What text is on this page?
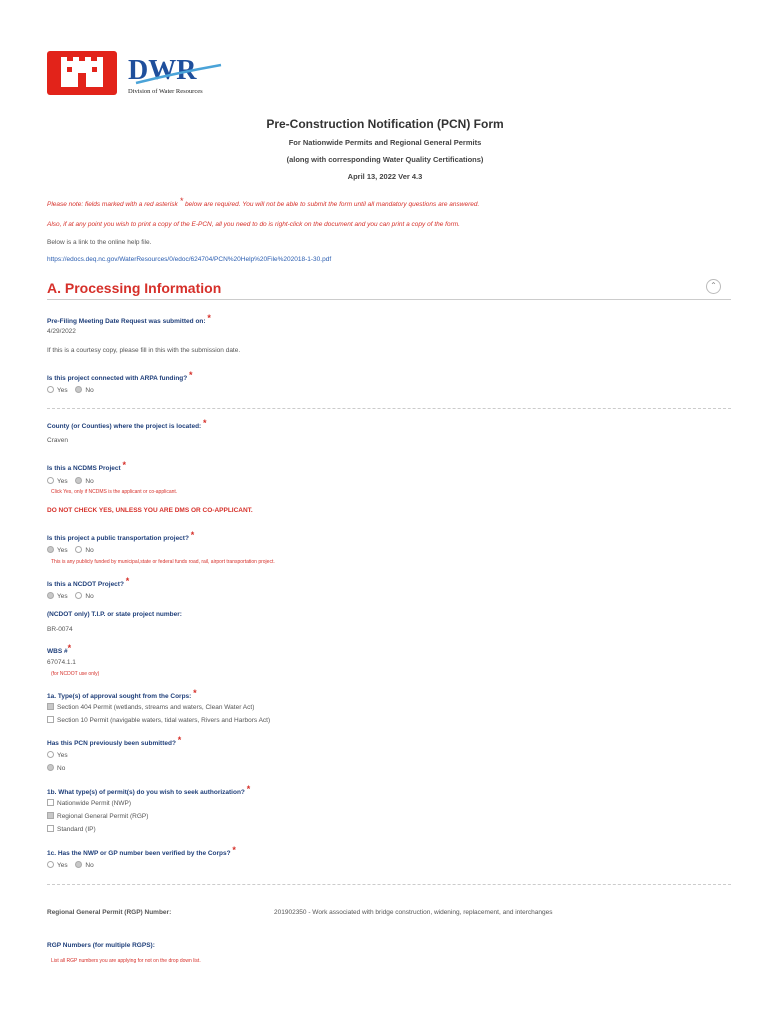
DWR
Division of Water Resources
Pre-Construction Notification (PCN) Form
For Nationwide Permits and Regional General Permits
(along with corresponding Water Quality Certifications)
April 13, 2022 Ver 4.3
Please note: fields marked with a red asterisk * below are required. You will not be able to submit the form until all mandatory questions are answered.
Also, if at any point you wish to print a copy of the E-PCN, all you need to do is right-click on the document and you can print a copy of the form.
Below is a link to the online help file.
https://edocs.deq.nc.gov/WaterResources/0/edoc/624704/PCN%20Help%20File%202018-1-30.pdf
A. Processing Information	⌃
Pre-Filing Meeting Date Request was submitted on: *
4/29/2022
If this is a courtesy copy, please fill in this with the submission date.
Is this project connected with ARPA funding? *
Yes	No
County (or Counties) where the project is located: *
Craven
Is this a NCDMS Project *
Yes	No
Click Yes, only if NCDMS is the applicant or co-applicant.
DO NOT CHECK YES, UNLESS YOU ARE DMS OR CO-APPLICANT.
Is this project a public transportation project? *
Yes	No
This is any publicly funded by municipal,state or federal funds road, rail, airport transportation project.
Is this a NCDOT Project? *
Yes	No
(NCDOT only) T.I.P. or state project number:
BR-0074
WBS #*
67074.1.1
(for NCDOT use only)
1a. Type(s) of approval sought from the Corps: *
Section 404 Permit (wetlands, streams and waters, Clean Water Act)
Section 10 Permit (navigable waters, tidal waters, Rivers and Harbors Act)
Has this PCN previously been submitted? *
Yes
No
1b. What type(s) of permit(s) do you wish to seek authorization? *
Nationwide Permit (NWP)
Regional General Permit (RGP)
Standard (IP)
1c. Has the NWP or GP number been verified by the Corps? *
Yes	No
Regional General Permit (RGP) Number:	201902350 - Work associated with bridge construction, widening, replacement, and interchanges
RGP Numbers (for multiple RGPS):
List all RGP numbers you are applying for not on the drop down list.
